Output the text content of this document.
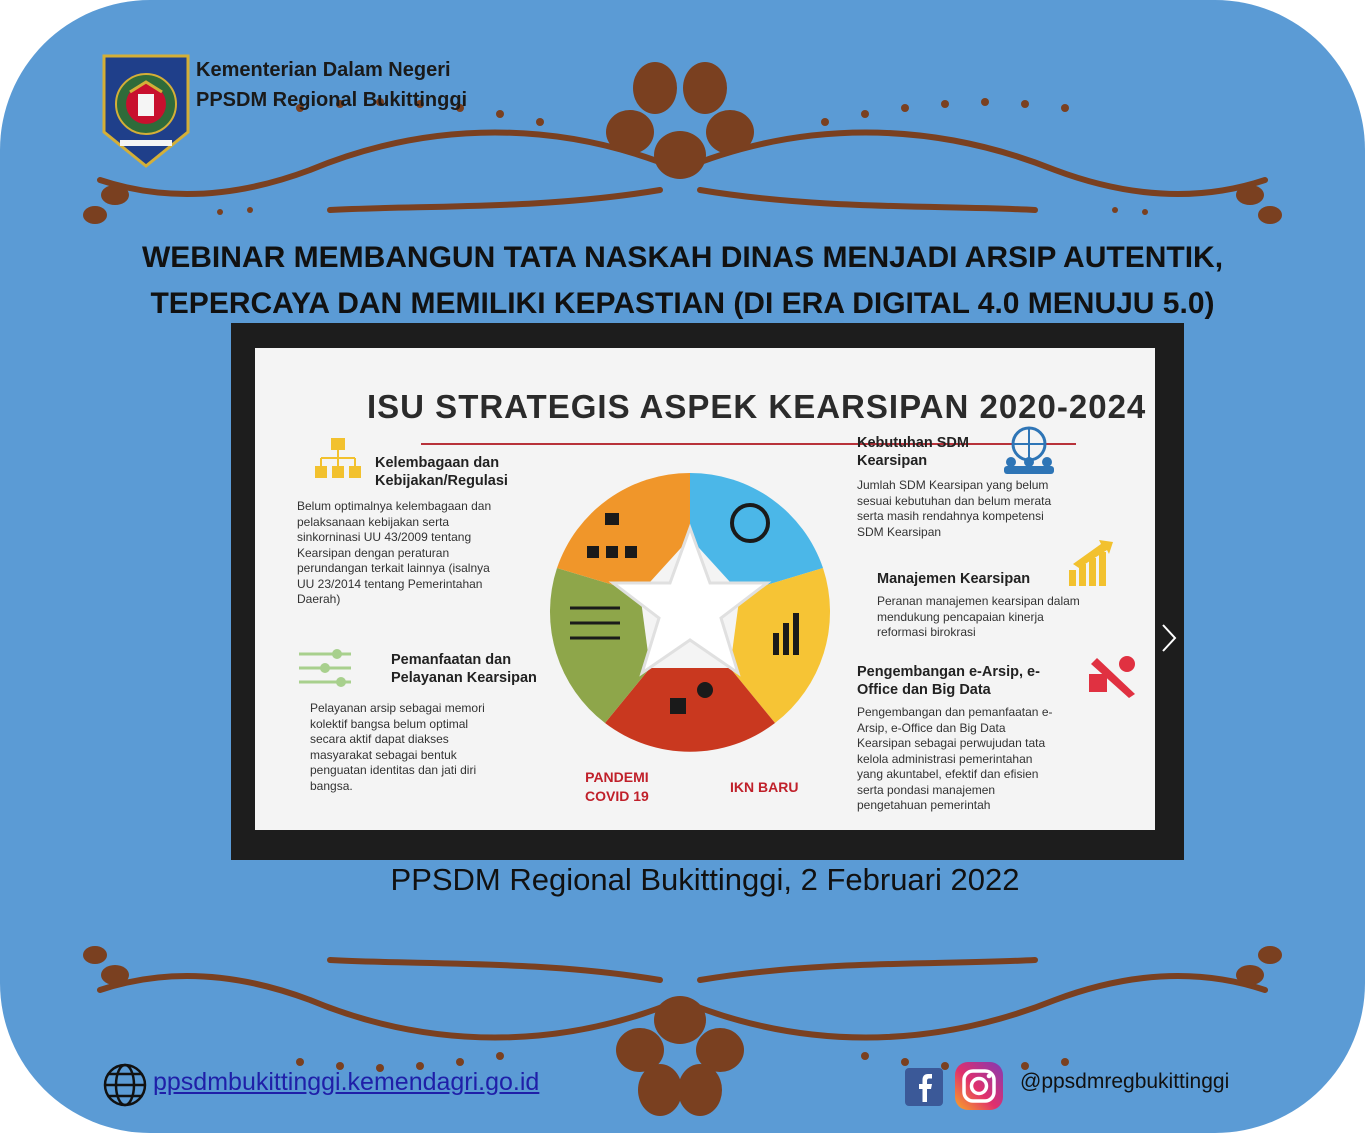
Kementerian Dalam Negeri
PPSDM Regional Bukittinggi
WEBINAR MEMBANGUN TATA NASKAH DINAS MENJADI ARSIP AUTENTIK,
TEPERCAYA DAN MEMILIKI KEPASTIAN (DI ERA DIGITAL 4.0 MENUJU 5.0)
ISU STRATEGIS ASPEK KEARSIPAN 2020-2024
Kelembagaan dan
Kebijakan/Regulasi
Belum optimalnya kelembagaan dan
pelaksanaan kebijakan serta
sinkorninasi UU 43/2009 tentang
Kearsipan dengan peraturan
perundangan terkait lainnya (isalnya
UU 23/2014 tentang Pemerintahan
Daerah)
Pemanfaatan dan
Pelayanan Kearsipan
Pelayanan arsip sebagai memori
kolektif bangsa belum optimal
secara aktif dapat diakses
masyarakat sebagai bentuk
penguatan identitas dan jati diri
bangsa.
PANDEMI
COVID 19
IKN BARU
Kebutuhan SDM
Kearsipan
Jumlah SDM Kearsipan yang belum
sesuai kebutuhan dan belum merata
serta masih rendahnya kompetensi
SDM Kearsipan
Manajemen Kearsipan
Peranan manajemen kearsipan dalam
mendukung pencapaian kinerja
reformasi birokrasi
Pengembangan e-Arsip, e-
Office dan Big Data
Pengembangan dan pemanfaatan e-
Arsip, e-Office dan Big Data
Kearsipan sebagai perwujudan tata
kelola administrasi pemerintahan
yang akuntabel, efektif dan efisien
serta pondasi manajemen
pengetahuan pemerintah
PPSDM Regional Bukittinggi, 2 Februari 2022
ppsdmbukittinggi.kemendagri.go.id	@ppsdmregbukittinggi
